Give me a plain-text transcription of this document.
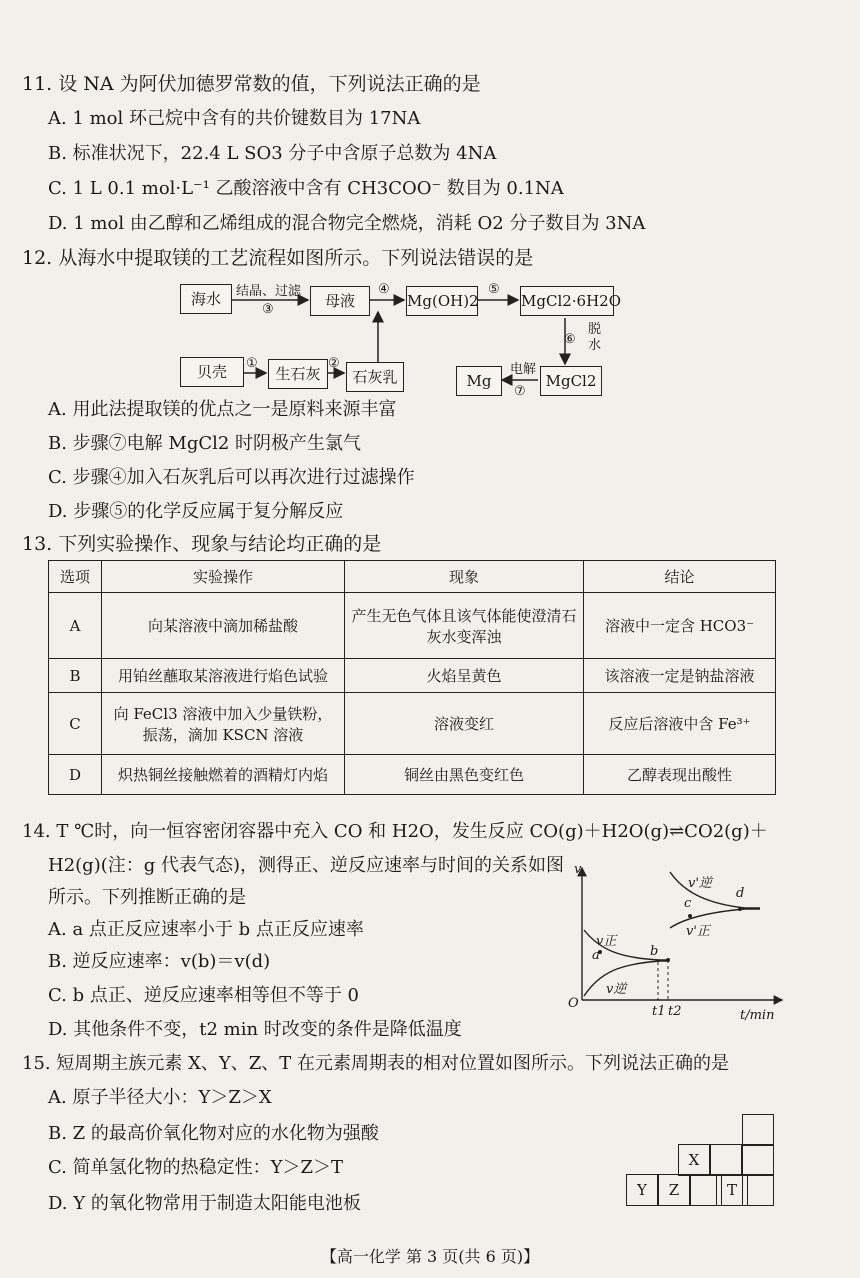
11. 设 NA 为阿伏加德罗常数的值，下列说法正确的是
A. 1 mol 环己烷中含有的共价键数目为 17NA
B. 标准状况下，22.4 L SO3 分子中含原子总数为 4NA
C. 1 L 0.1 mol·L⁻¹ 乙酸溶液中含有 CH3COO⁻ 数目为 0.1NA
D. 1 mol 由乙醇和乙烯组成的混合物完全燃烧，消耗 O2 分子数目为 3NA
12. 从海水中提取镁的工艺流程如图所示。下列说法错误的是
海水	母液	Mg(OH)2	MgCl2·6H2O
贝壳	生石灰	石灰乳	Mg	MgCl2
结晶、过滤
③
④	⑤
⑥
脱水
①	②	电解
⑦
A. 用此法提取镁的优点之一是原料来源丰富
B. 步骤⑦电解 MgCl2 时阴极产生氯气
C. 步骤④加入石灰乳后可以再次进行过滤操作
D. 步骤⑤的化学反应属于复分解反应
13. 下列实验操作、现象与结论均正确的是
选项	实验操作	现象	结论
A	向某溶液中滴加稀盐酸	产生无色气体且该气体能使澄清石灰水变浑浊	溶液中一定含 HCO3⁻
B	用铂丝蘸取某溶液进行焰色试验	火焰呈黄色	该溶液一定是钠盐溶液
C	向 FeCl3 溶液中加入少量铁粉，振荡，滴加 KSCN 溶液	溶液变红	反应后溶液中含 Fe³⁺
D	炽热铜丝接触燃着的酒精灯内焰	铜丝由黑色变红色	乙醇表现出酸性
14. T ℃时，向一恒容密闭容器中充入 CO 和 H2O，发生反应 CO(g)＋H2O(g)⇌CO2(g)＋
H2(g)(注：g 代表气态)，测得正、逆反应速率与时间的关系如图
所示。下列推断正确的是
A. a 点正反应速率小于 b 点正反应速率
B. 逆反应速率：v(b)＝v(d)
C. b 点正、逆反应速率相等但不等于 0
D. 其他条件不变，t2 min 时改变的条件是降低温度
v
t/min
O
t1 t2
v正
v逆
v'正
v'逆
a	b
c
d
15. 短周期主族元素 X、Y、Z、T 在元素周期表的相对位置如图所示。下列说法正确的是
A. 原子半径大小：Y＞Z＞X
B. Z 的最高价氧化物对应的水化物为强酸
C. 简单氢化物的热稳定性：Y＞Z＞T
D. Y 的氧化物常用于制造太阳能电池板
X
Y	Z	T
【高一化学 第 3 页(共 6 页)】
